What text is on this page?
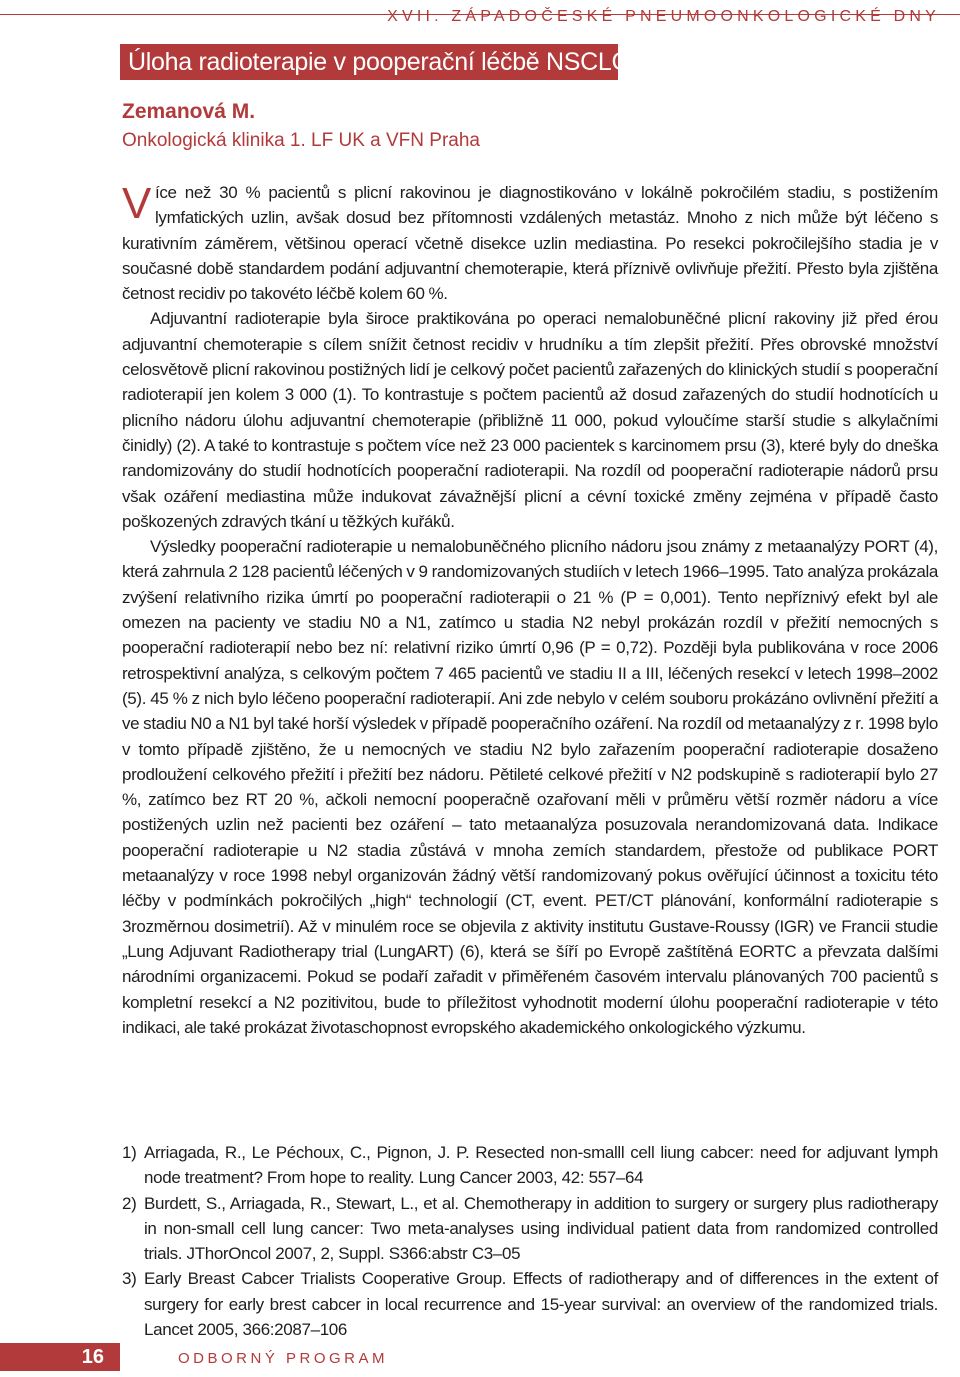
XVII. ZÁPADOČESKÉ PNEUMOONKOLOGICKÉ DNY
Úloha radioterapie v pooperační léčbě NSCLC
Zemanová M.
Onkologická klinika 1. LF UK a VFN Praha

Více než 30 % pacientů s plicní rakovinou je diagnostikováno v lokálně pokročilém stadiu, s postižením lymfatických uzlin, avšak dosud bez přítomnosti vzdálených metastáz. Mnoho z nich může být léčeno s kurativním záměrem, většinou operací včetně disekce uzlin mediastina. Po resekci pokročilejšího stadia je v současné době standardem podání adjuvantní chemoterapie, která příznivě ovlivňuje přežití. Přesto byla zjištěna četnost recidiv po takovéto léčbě kolem 60 %.

Adjuvantní radioterapie byla široce praktikována po operaci nemalobuněčné plicní rakoviny již před érou adjuvantní chemoterapie s cílem snížit četnost recidiv v hrudníku a tím zlepšit přežití. Přes obrovské množství celosvětově plicní rakovinou postižných lidí je celkový počet pacientů zařazených do klinických studií s pooperační radioterapií jen kolem 3 000 (1). To kontrastuje s počtem pacientů až dosud zařazených do studií hodnotících u plicního nádoru úlohu adjuvantní chemoterapie (přibližně 11 000, pokud vyloučíme starší studie s alkylačními činidly) (2). A také to kontrastuje s počtem více než 23 000 pacientek s karcinomem prsu (3), které byly do dneška randomizovány do studií hodnotících pooperační radioterapii. Na rozdíl od pooperační radioterapie nádorů prsu však ozáření mediastina může indukovat závažnější plicní a cévní toxické změny zejména v případě často poškozených zdravých tkání u těžkých kuřáků.

Výsledky pooperační radioterapie u nemalobuněčného plicního nádoru jsou známy z metaanalýzy PORT (4), která zahrnula 2 128 pacientů léčených v 9 randomizovaných studiích v letech 1966–1995. Tato analýza prokázala zvýšení relativního rizika úmrtí po pooperační radioterapii o 21 % (P = 0,001). Tento nepříznivý efekt byl ale omezen na pacienty ve stadiu N0 a N1, zatímco u stadia N2 nebyl prokázán rozdíl v přežití nemocných s pooperační radioterapií nebo bez ní: relativní riziko úmrtí 0,96 (P = 0,72). Později byla publikována v roce 2006 retrospektivní analýza, s celkovým počtem 7 465 pacientů ve stadiu II a III, léčených resekcí v letech 1998–2002 (5). 45 % z nich bylo léčeno pooperační radioterapií. Ani zde nebylo v celém souboru prokázáno ovlivnění přežití a ve stadiu N0 a N1 byl také horší výsledek v případě pooperačního ozáření. Na rozdíl od metaanalýzy z r. 1998 bylo v tomto případě zjištěno, že u nemocných ve stadiu N2 bylo zařazením pooperační radioterapie dosaženo prodloužení celkového přežití i přežití bez nádoru. Pětileté celkové přežití v N2 podskupině s radioterapií bylo 27 %, zatímco bez RT 20 %, ačkoli nemocní pooperačně ozařovaní měli v průměru větší rozměr nádoru a více postižených uzlin než pacienti bez ozáření – tato metaanalýza posuzovala nerandomizovaná data. Indikace pooperační radioterapie u N2 stadia zůstává v mnoha zemích standardem, přestože od publikace PORT metaanalýzy v roce 1998 nebyl organizován žádný větší randomizovaný pokus ověřující účinnost a toxicitu této léčby v podmínkách pokročilých „high“ technologií (CT, event. PET/CT plánování, konformální radioterapie s 3rozměrnou dosimetrií). Až v minulém roce se objevila z aktivity institutu Gustave-Roussy (IGR) ve Francii studie „Lung Adjuvant Radiotherapy trial (LungART) (6), která se šíří po Evropě zaštítěná EORTC a převzata dalšími národními organizacemi. Pokud se podaří zařadit v přiměřeném časovém intervalu plánovaných 700 pacientů s kompletní resekcí a N2 pozitivitou, bude to příležitost vyhodnotit moderní úlohu pooperační radioterapie v této indikaci, ale také prokázat životaschopnost evropského akademického onkologického výzkumu.

1) Arriagada, R., Le Péchoux, C., Pignon, J. P. Resected non-smalll cell liung cabcer: need for adjuvant lymph node treatment? From hope to reality. Lung Cancer 2003, 42: 557–64
2) Burdett, S., Arriagada, R., Stewart, L., et al. Chemotherapy in addition to surgery or surgery plus radiotherapy in non-small cell lung cancer: Two meta-analyses using individual patient data from randomized controlled trials. JThorOncol 2007, 2, Suppl. S366:abstr C3–05
3) Early Breast Cabcer Trialists Cooperative Group. Effects of radiotherapy and of differences in the extent of surgery for early brest cabcer in local recurrence and 15-year survival: an overview of the randomized trials. Lancet 2005, 366:2087–106
16	ODBORNÝ PROGRAM
